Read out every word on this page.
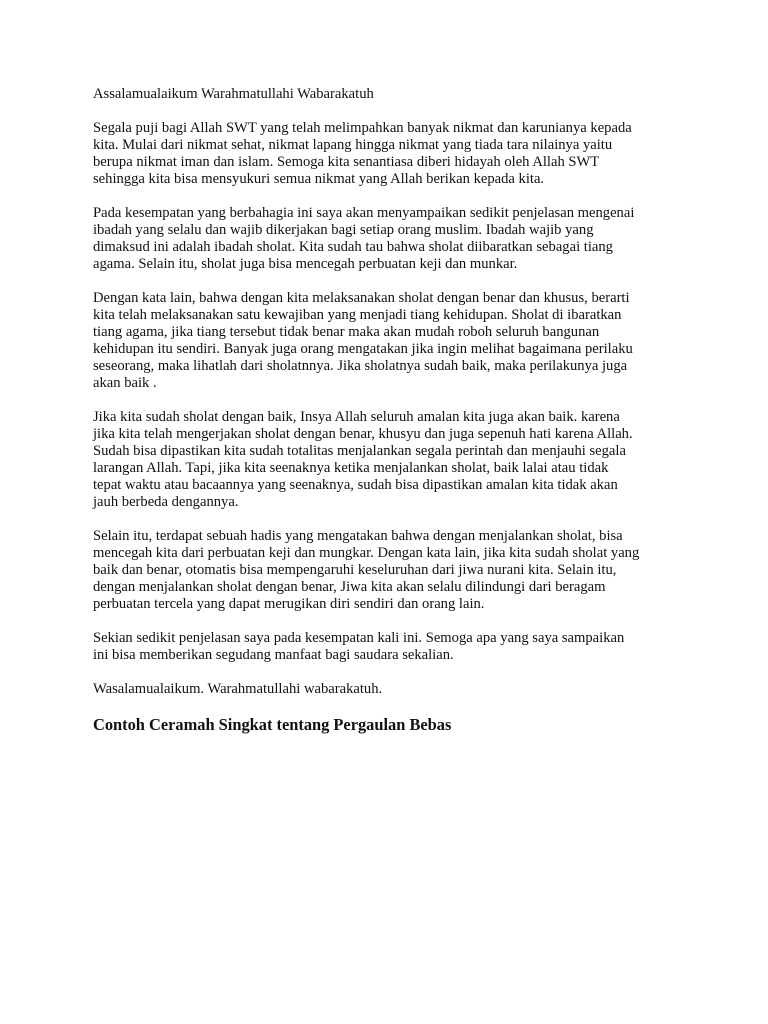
Assalamualaikum Warahmatullahi Wabarakatuh

Segala puji bagi Allah SWT yang telah melimpahkan banyak nikmat dan karunianya kepada
kita. Mulai dari nikmat sehat, nikmat lapang hingga nikmat yang tiada tara nilainya yaitu
berupa nikmat iman dan islam. Semoga kita senantiasa diberi hidayah oleh Allah SWT
sehingga kita bisa mensyukuri semua nikmat yang Allah berikan kepada kita.

Pada kesempatan yang berbahagia ini saya akan menyampaikan sedikit penjelasan mengenai
ibadah yang selalu dan wajib dikerjakan bagi setiap orang muslim. Ibadah wajib yang
dimaksud ini adalah ibadah sholat. Kita sudah tau bahwa sholat diibaratkan sebagai tiang
agama. Selain itu, sholat juga bisa mencegah perbuatan keji dan munkar.

Dengan kata lain, bahwa dengan kita melaksanakan sholat dengan benar dan khusus, berarti
kita telah melaksanakan satu kewajiban yang menjadi tiang kehidupan. Sholat di ibaratkan
tiang agama, jika tiang tersebut tidak benar maka akan mudah roboh seluruh bangunan
kehidupan itu sendiri. Banyak juga orang mengatakan jika ingin melihat bagaimana perilaku
seseorang, maka lihatlah dari sholatnnya. Jika sholatnya sudah baik, maka perilakunya juga
akan baik .

Jika kita sudah sholat dengan baik, Insya Allah seluruh amalan kita juga akan baik. karena
jika kita telah mengerjakan sholat dengan benar, khusyu dan juga sepenuh hati karena Allah.
Sudah bisa dipastikan kita sudah totalitas menjalankan segala perintah dan menjauhi segala
larangan Allah. Tapi, jika kita seenaknya ketika menjalankan sholat, baik lalai atau tidak
tepat waktu atau bacaannya yang seenaknya, sudah bisa dipastikan amalan kita tidak akan
jauh berbeda dengannya.

Selain itu, terdapat sebuah hadis yang mengatakan bahwa dengan menjalankan sholat, bisa
mencegah kita dari perbuatan keji dan mungkar. Dengan kata lain, jika kita sudah sholat yang
baik dan benar, otomatis bisa mempengaruhi keseluruhan dari jiwa nurani kita. Selain itu,
dengan menjalankan sholat dengan benar, Jiwa kita akan selalu dilindungi dari beragam
perbuatan tercela yang dapat merugikan diri sendiri dan orang lain.

Sekian sedikit penjelasan saya pada kesempatan kali ini. Semoga apa yang saya sampaikan
ini bisa memberikan segudang manfaat bagi saudara sekalian.

Wasalamualaikum. Warahmatullahi wabarakatuh.

Contoh Ceramah Singkat tentang Pergaulan Bebas
